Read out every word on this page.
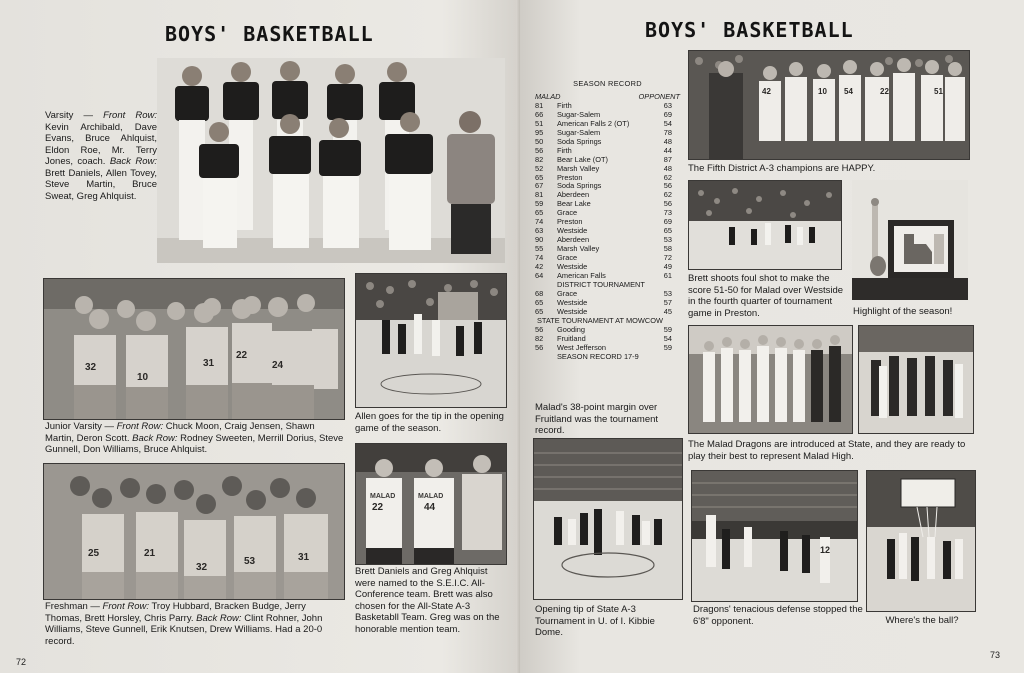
BOYS' BASKETBALL
Varsity — Front Row: Kevin Archibald, Dave Evans, Bruce Ahlquist, Eldon Roe, Mr. Terry Jones, coach. Back Row: Brett Daniels, Allen Tovey, Steve Martin, Bruce Sweat, Greg Ahlquist.
32
10
31
22
24
Junior Varsity — Front Row: Chuck Moon, Craig Jensen, Shawn Martin, Deron Scott. Back Row: Rodney Sweeten, Merrill Dorius, Steve Gunnell, Don Williams, Bruce Ahlquist.
25	21
32
53	31
Freshman — Front Row: Troy Hubbard, Bracken Budge, Jerry Thomas, Brett Horsley, Chris Parry. Back Row: Clint Rohner, John Williams, Steve Gunnell, Erik Knutsen, Drew Williams. Had a 20-0 record.
Allen goes for the tip in the opening game of the season.
MALAD	MALAD
22	44
Brett Daniels and Greg Ahlquist were named to the S.E.I.C. All-Conference team. Brett was also chosen for the All-State A-3 Basketabll Team. Greg was on the honorable mention team.
72
BOYS' BASKETBALL
SEASON RECORD
MALAD	OPPONENT
81	Firth	63
66	Sugar-Salem	69
51	American Falls 2 (OT)	54
95	Sugar-Salem	78
50	Soda Springs	48
56	Firth	44
82	Bear Lake (OT)	87
52	Marsh Valley	48
65	Preston	62
67	Soda Springs	56
81	Aberdeen	62
59	Bear Lake	56
65	Grace	73
74	Preston	69
63	Westside	65
90	Aberdeen	53
55	Marsh Valley	58
74	Grace	72
42	Westside	49
64	American Falls	61
DISTRICT TOURNAMENT
68	Grace	53
65	Westside	57
65	Westside	45
STATE TOURNAMENT AT MOWCOW
56	Gooding	59
82	Fruitland	54
56	West Jefferson	59
SEASON RECORD 17-9
Malad's 38-point margin over Fruitland was the tournament record.
42	10 54	22	51
The Fifth District A-3 champions are HAPPY.
Brett shoots foul shot to make the score 51-50 for Malad over Westside in the fourth quarter of tournament game in Preston.	Highlight of the season!
The Malad Dragons are introduced at State, and they are ready to play their best to represent Malad High.
Opening tip of State A-3 Tournament in U. of I. Kibbie Dome.
12
Dragons' tenacious defense stopped the 6'8" opponent.	Where's the ball?
73
